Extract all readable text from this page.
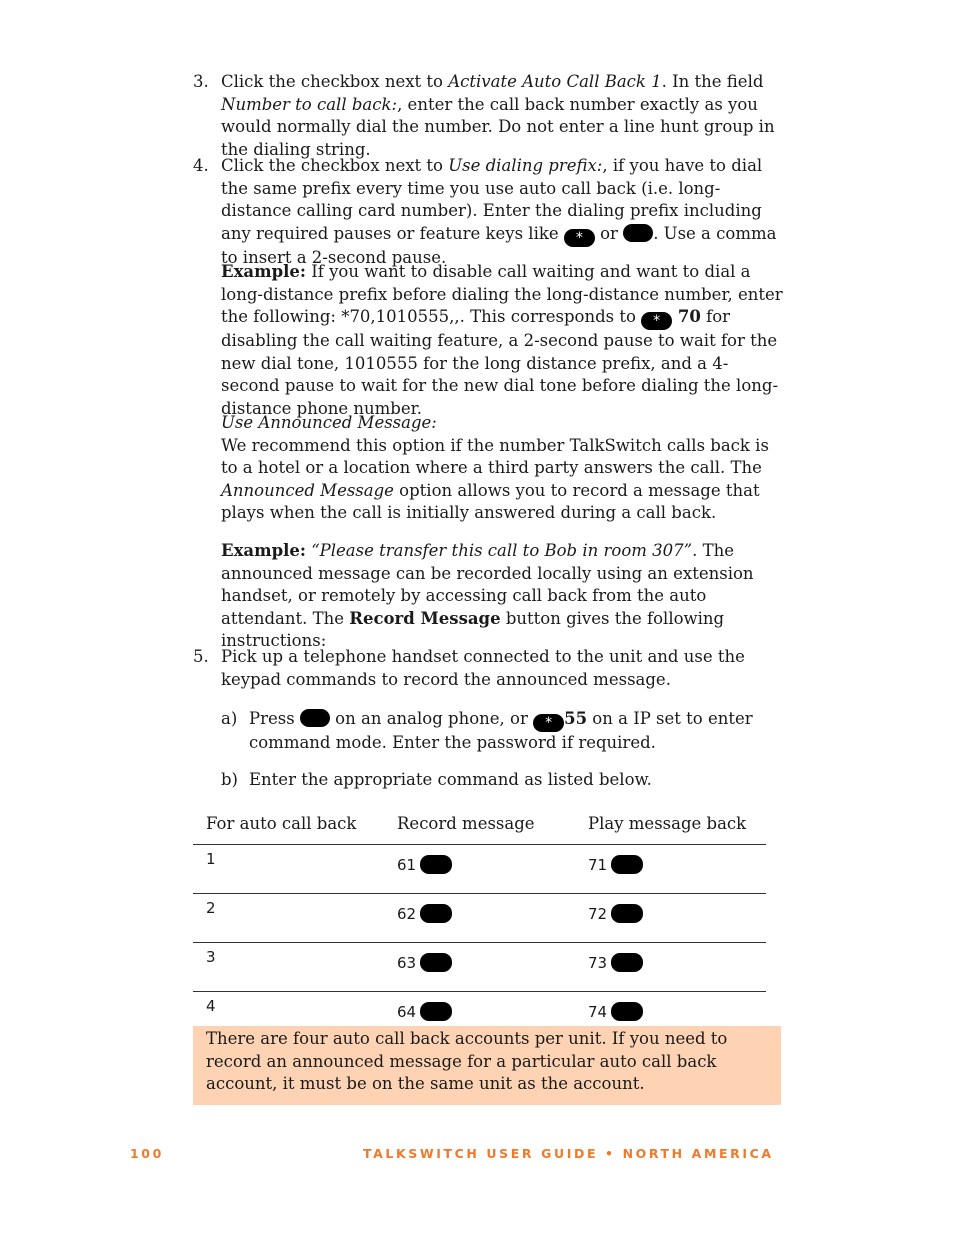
3. Click the checkbox next to Activate Auto Call Back 1. In the field Number to call back:, enter the call back number exactly as you would normally dial the number. Do not enter a line hunt group in the dialing string.
4. Click the checkbox next to Use dialing prefix:, if you have to dial the same prefix every time you use auto call back (i.e. long-distance calling card number). Enter the dialing prefix including any required pauses or feature keys like * or . Use a comma to insert a 2-second pause.
Example: If you want to disable call waiting and want to dial a long-distance prefix before dialing the long-distance number, enter the following: *70,1010555,,. This corresponds to * 70 for disabling the call waiting feature, a 2-second pause to wait for the new dial tone, 1010555 for the long distance prefix, and a 4-second pause to wait for the new dial tone before dialing the long-distance phone number.
Use Announced Message:
We recommend this option if the number TalkSwitch calls back is to a hotel or a location where a third party answers the call. The Announced Message option allows you to record a message that plays when the call is initially answered during a call back.
Example: “Please transfer this call to Bob in room 307”. The announced message can be recorded locally using an extension handset, or remotely by accessing call back from the auto attendant. The Record Message button gives the following instructions:
5. Pick up a telephone handset connected to the unit and use the keypad commands to record the announced message.
a) Press  on an analog phone, or * 55 on a IP set to enter command mode. Enter the password if required.
b) Enter the appropriate command as listed below.
For auto call back	Record message	Play message back
1	61	71
2	62	72
3	63	73
4	64	74
There are four auto call back accounts per unit. If you need to record an announced message for a particular auto call back account, it must be on the same unit as the account.
100	TALKSWITCH USER GUIDE • NORTH AMERICA
